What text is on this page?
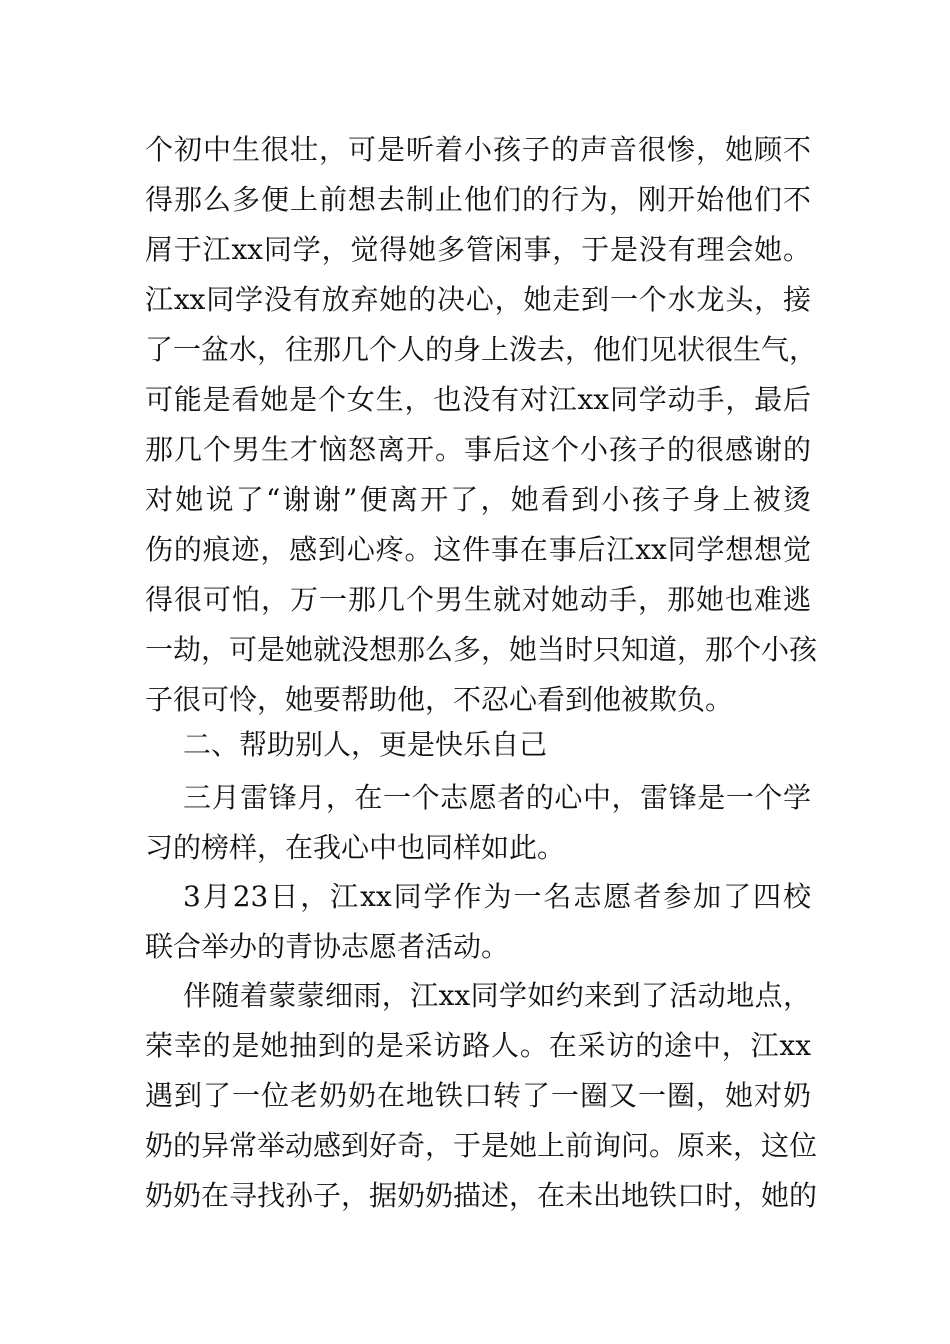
个初中生很壮，可是听着小孩子的声音很惨，她顾不
得那么多便上前想去制止他们的行为，刚开始他们不
屑于江xx同学，觉得她多管闲事，于是没有理会她。
江xx同学没有放弃她的决心，她走到一个水龙头，接
了一盆水，往那几个人的身上泼去，他们见状很生气，
可能是看她是个女生，也没有对江xx同学动手，最后
那几个男生才恼怒离开。事后这个小孩子的很感谢的
对她说了“谢谢”便离开了，她看到小孩子身上被烫
伤的痕迹，感到心疼。这件事在事后江xx同学想想觉
得很可怕，万一那几个男生就对她动手，那她也难逃
一劫，可是她就没想那么多，她当时只知道，那个小孩
子很可怜，她要帮助他，不忍心看到他被欺负。
二、帮助别人，更是快乐自己
三月雷锋月，在一个志愿者的心中，雷锋是一个学
习的榜样，在我心中也同样如此。
3月23日，江xx同学作为一名志愿者参加了四校
联合举办的青协志愿者活动。
伴随着蒙蒙细雨，江xx同学如约来到了活动地点，
荣幸的是她抽到的是采访路人。在采访的途中，江xx
遇到了一位老奶奶在地铁口转了一圈又一圈，她对奶
奶的异常举动感到好奇，于是她上前询问。原来，这位
奶奶在寻找孙子，据奶奶描述，在未出地铁口时，她的
